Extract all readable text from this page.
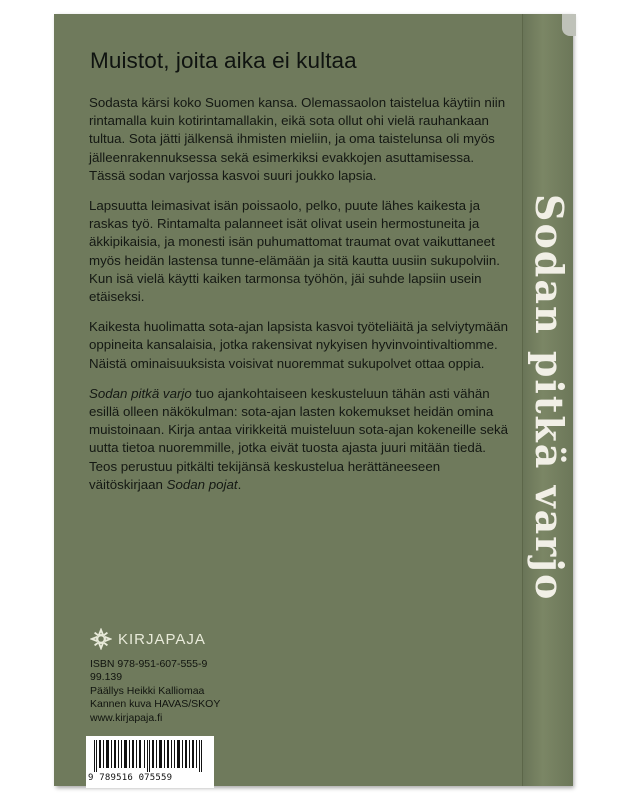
Sodan pitkä varjo
Muistot, joita aika ei kultaa

Sodasta kärsi koko Suomen kansa. Olemassaolon taistelua käytiin niin rintamalla kuin kotirintamallakin, eikä sota ollut ohi vielä rauhankaan tultua. Sota jätti jälkensä ihmisten mieliin, ja oma taistelunsa oli myös jälleenrakennuksessa sekä esimerkiksi evakkojen asuttamisessa. Tässä sodan varjossa kasvoi suuri joukko lapsia.

Lapsuutta leimasivat isän poissaolo, pelko, puute lähes kaikesta ja raskas työ. Rintamalta palanneet isät olivat usein hermostuneita ja äkkipikaisia, ja monesti isän puhumattomat traumat ovat vaikuttaneet myös heidän lastensa tunne-elämään ja sitä kautta uusiin sukupolviin. Kun isä vielä käytti kaiken tarmonsa työhön, jäi suhde lapsiin usein etäiseksi.

Kaikesta huolimatta sota-ajan lapsista kasvoi työteliäitä ja selviytymään oppineita kansalaisia, jotka rakensivat nykyisen hyvinvointivaltiomme. Näistä ominaisuuksista voisivat nuoremmat sukupolvet ottaa oppia.

Sodan pitkä varjo tuo ajankohtaiseen keskusteluun tähän asti vähän esillä olleen näkökulman: sota-ajan lasten kokemukset heidän omina muistoinaan. Kirja antaa virikkeitä muisteluun sota-ajan kokeneille sekä uutta tietoa nuoremmille, jotka eivät tuosta ajasta juuri mitään tiedä. Teos perustuu pitkälti tekijänsä keskustelua herättäneeseen väitöskirjaan Sodan pojat.

KIRJAPAJA
ISBN 978-951-607-555-9
99.139
Päällys Heikki Kalliomaa
Kannen kuva HAVAS/SKOY
www.kirjapaja.fi
9 789516 075559
